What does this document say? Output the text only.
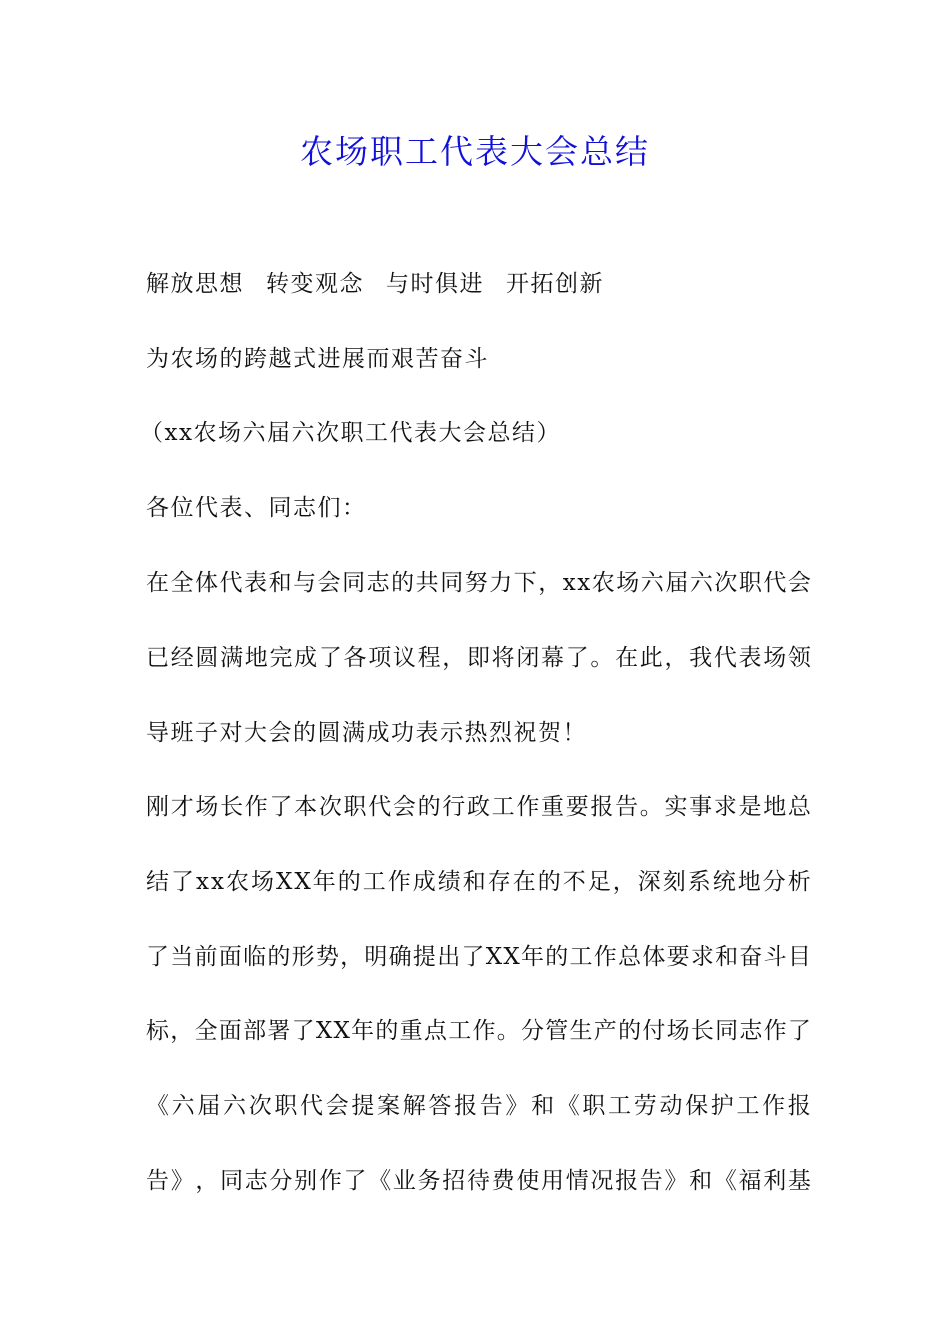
农场职工代表大会总结

解放思想 转变观念 与时俱进 开拓创新

为农场的跨越式进展而艰苦奋斗

（xx农场六届六次职工代表大会总结）

各位代表、同志们：

在 全 体 代 表 和 与 会 同 志 的 共 同 努 力 下 ， x x 农 场 六 届 六 次 职 代 会

已 经 圆 满 地 完 成 了 各 项 议 程 ， 即 将 闭 幕 了 。 在 此 ， 我 代 表 场 领

导班子对大会的圆满成功表示热烈祝贺！

刚 才 场 长 作 了 本 次 职 代 会 的 行 政 工 作 重 要 报 告 。 实 事 求 是 地 总

结 了 x x 农 场 X X 年 的 工 作 成 绩 和 存 在 的 不 足 ， 深 刻 系 统 地 分 析

了 当 前 面 临 的 形 势 ， 明 确 提 出 了 X X 年 的 工 作 总 体 要 求 和 奋 斗 目

标 ， 全 面 部 署 了 X X 年 的 重 点 工 作 。 分 管 生 产 的 付 场 长 同 志 作 了

《 六 届 六 次 职 代 会 提 案 解 答 报 告 》 和 《 职 工 劳 动 保 护 工 作 报

告 》 ， 同 志 分 别 作 了 《 业 务 招 待 费 使 用 情 况 报 告 》 和 《 福 利 基
